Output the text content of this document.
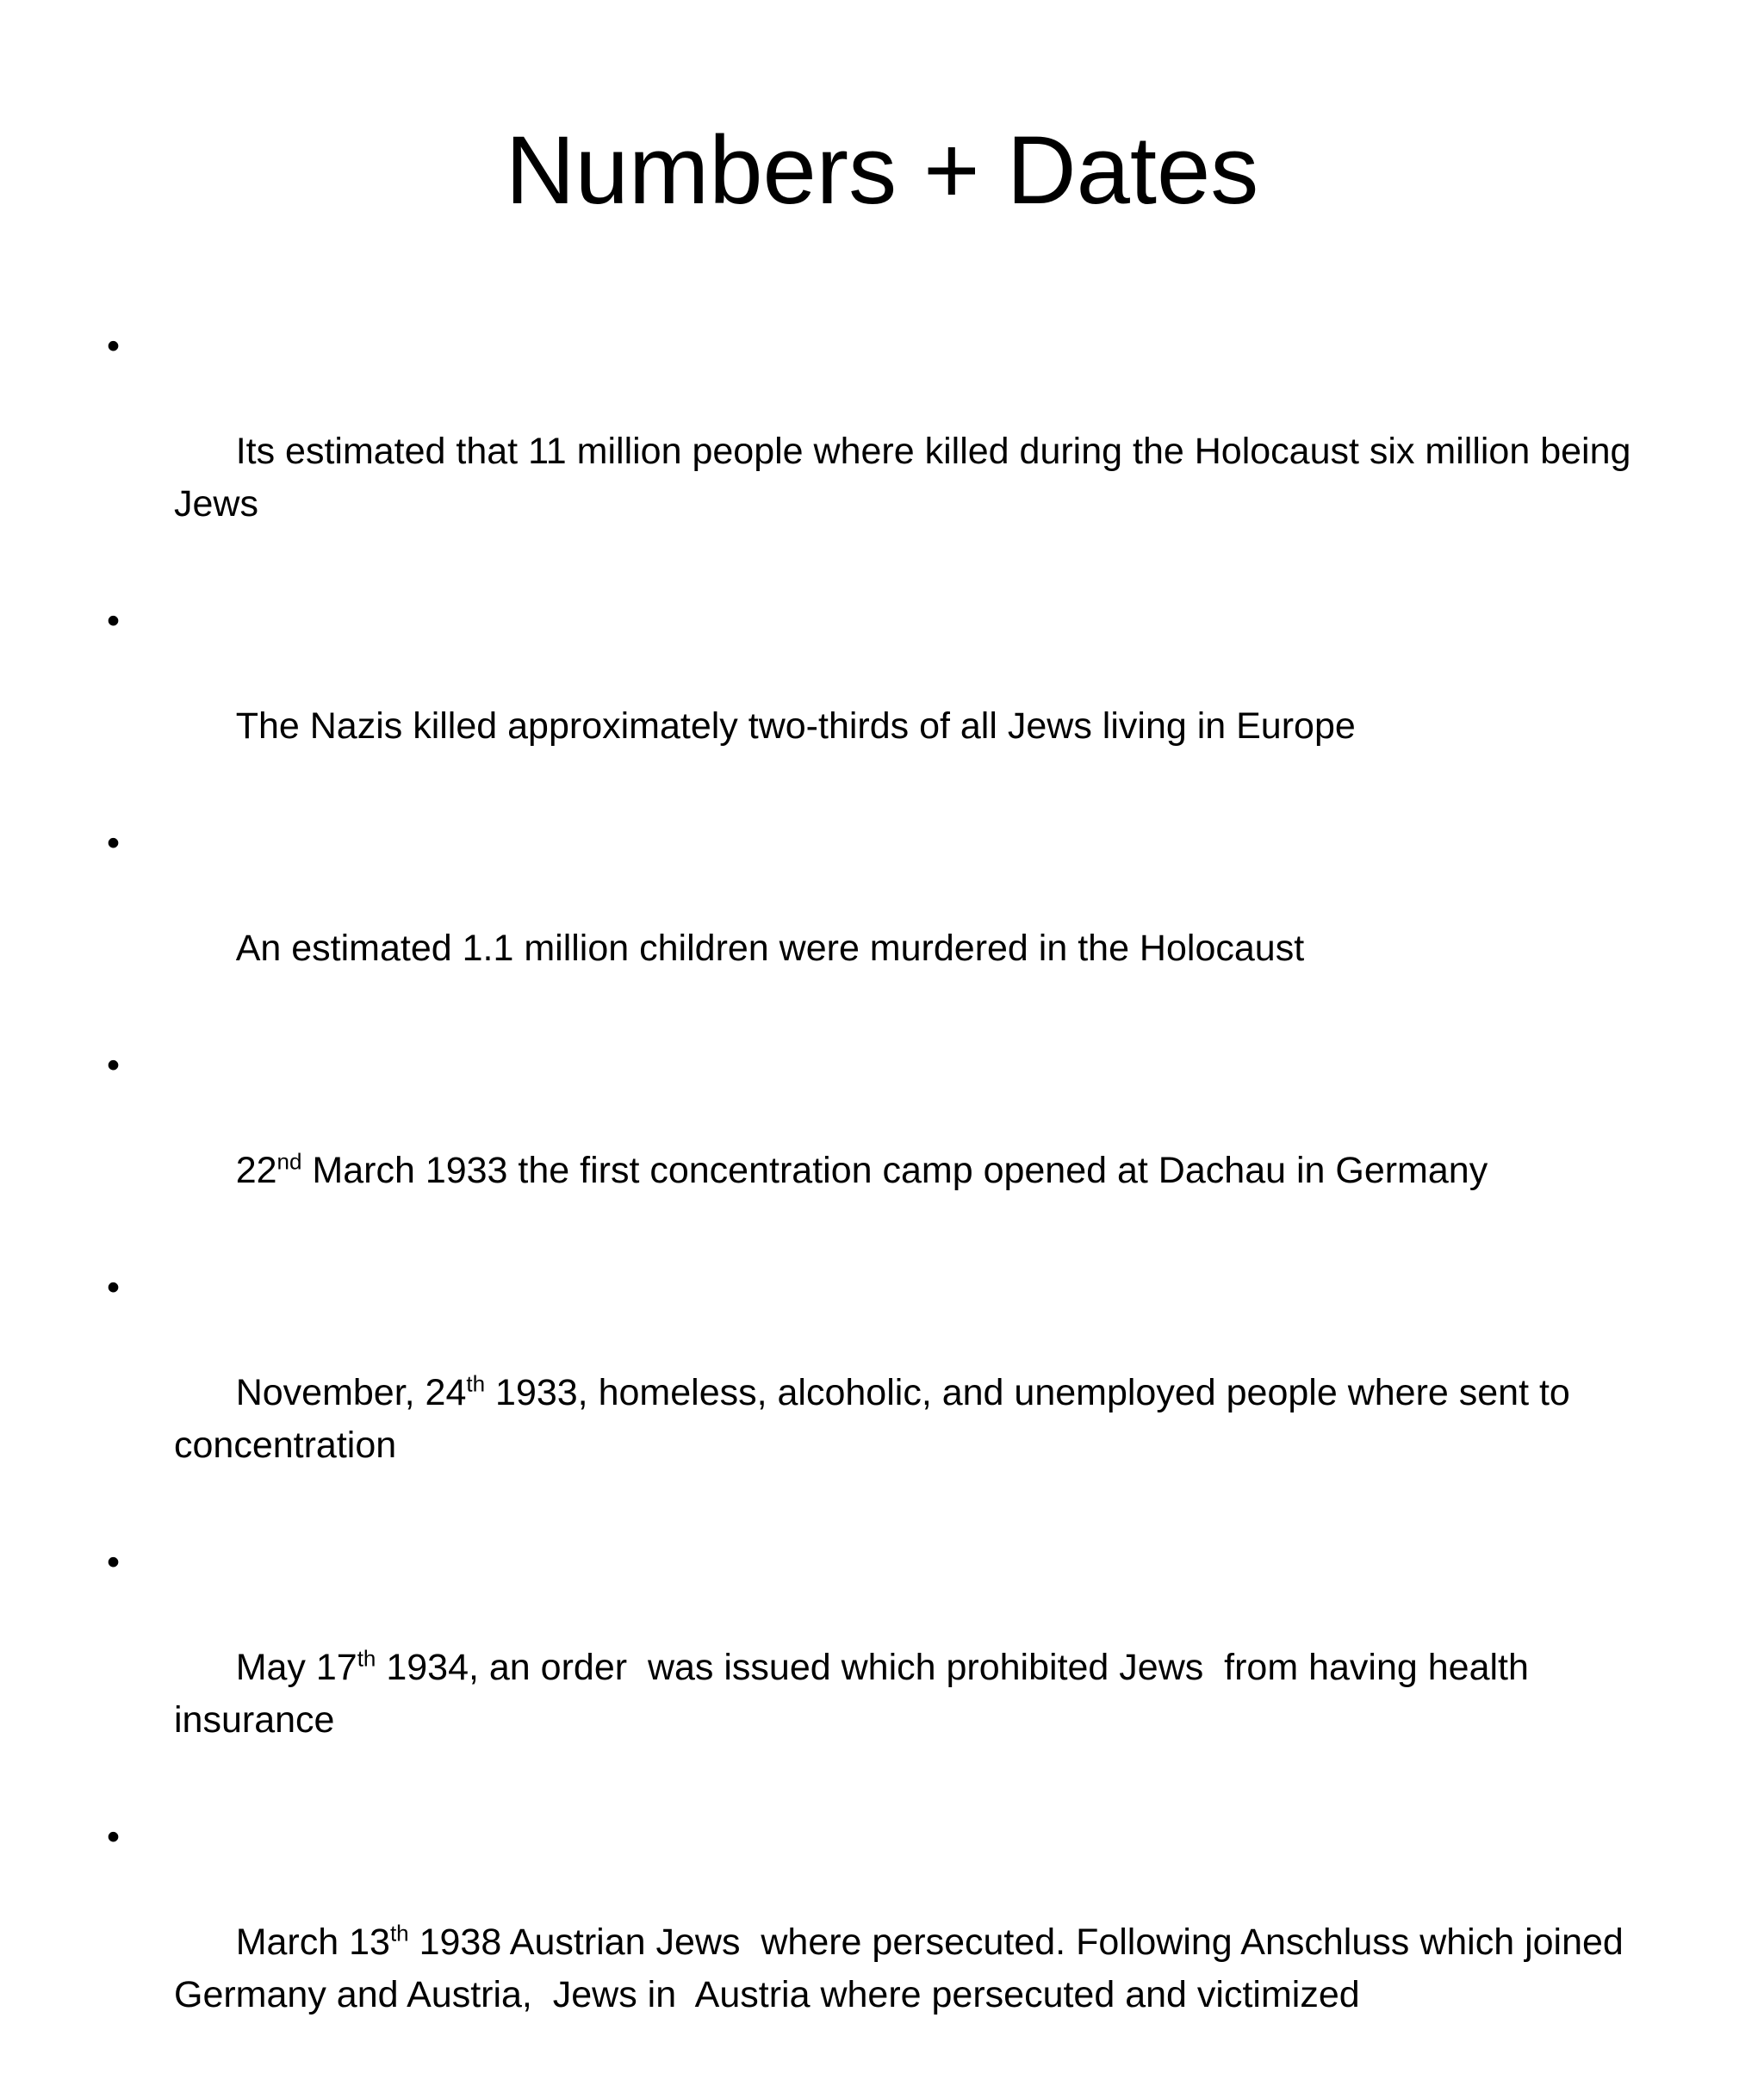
Numbers + Dates

•

Its estimated that 11 million people where killed during the Holocaust six million being Jews

•

The Nazis killed approximately two-thirds of all Jews living in Europe

•

An estimated 1.1 million children were murdered in the Holocaust

•

22nd March 1933 the first concentration camp opened at Dachau in Germany

•

November, 24th 1933, homeless, alcoholic, and unemployed people where sent to concentration

•

May 17th 1934, an order  was issued which prohibited Jews  from having health insurance

•

March 13th 1938 Austrian Jews  where persecuted. Following Anschluss which joined Germany and Austria,  Jews in  Austria where persecuted and victimized
